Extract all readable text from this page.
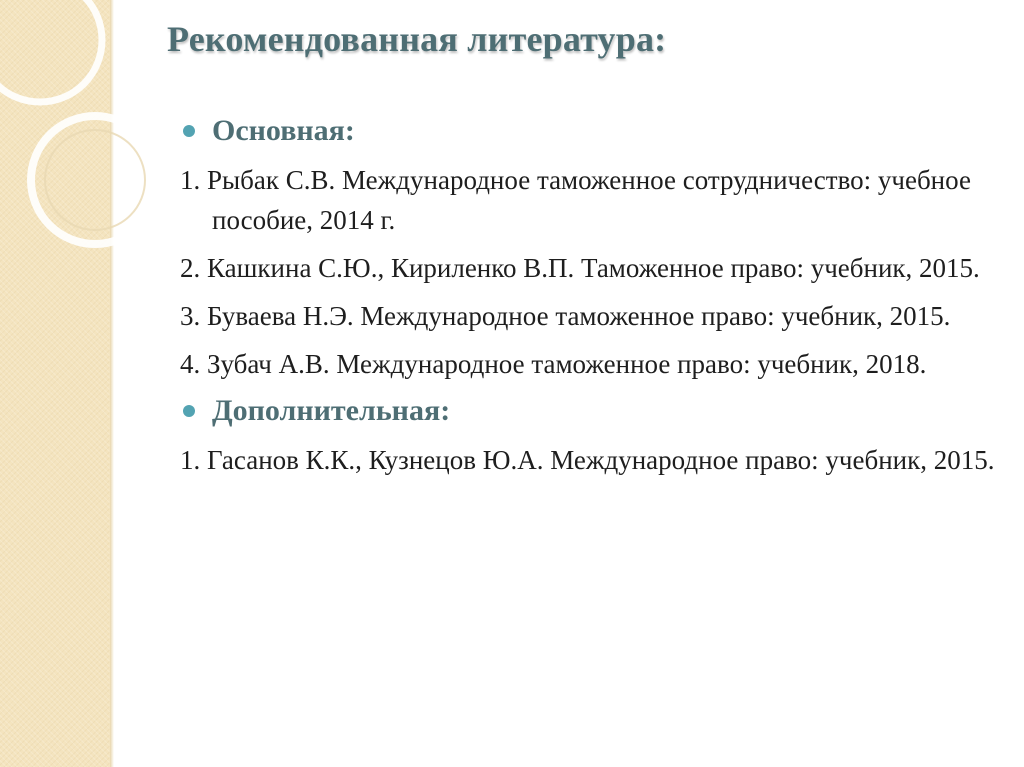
Рекомендованная литература:
Основная:
1. Рыбак С.В. Международное таможенное сотрудничество: учебное пособие, 2014 г.
2. Кашкина С.Ю., Кириленко В.П. Таможенное право: учебник, 2015.
3. Буваева Н.Э. Международное таможенное право: учебник, 2015.
4. Зубач А.В. Международное таможенное право: учебник, 2018.
Дополнительная:
1. Гасанов К.К., Кузнецов Ю.А. Международное право: учебник, 2015.
